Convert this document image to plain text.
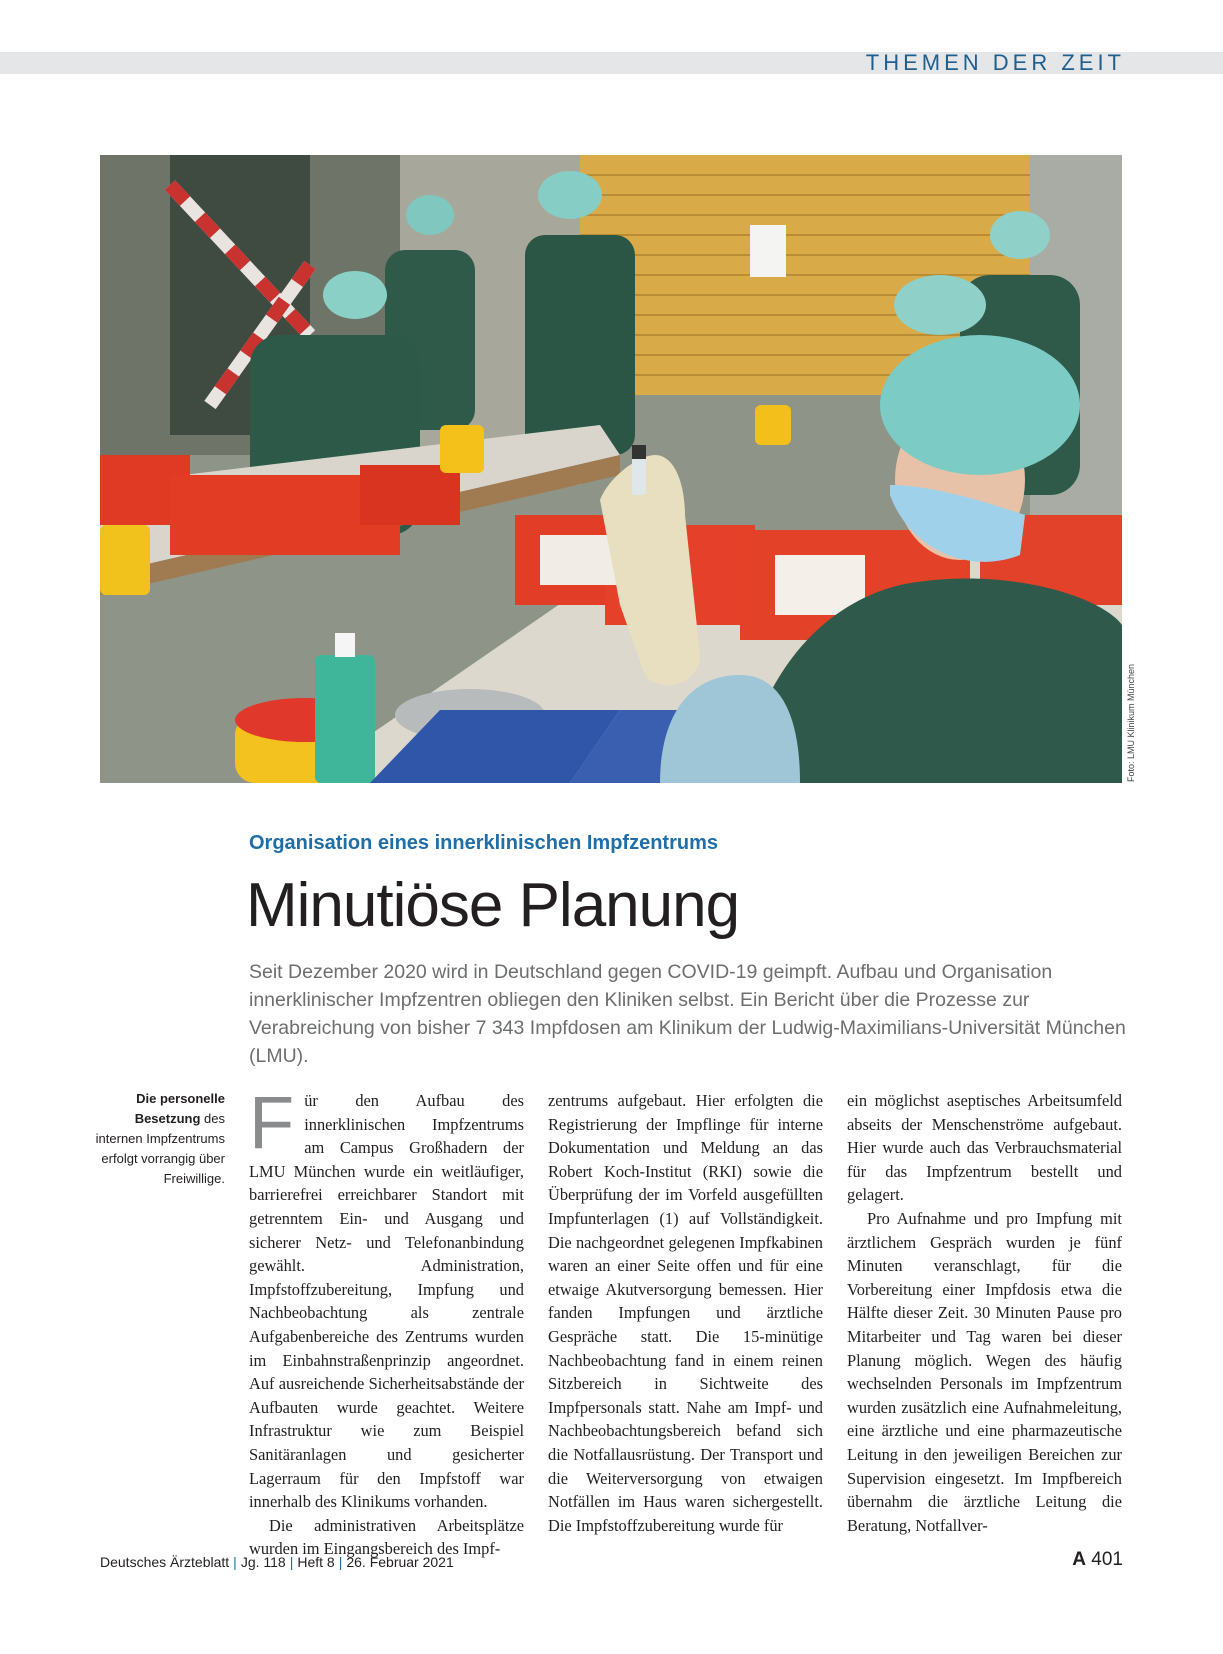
THEMEN DER ZEIT
Foto: LMU Klinikum München
Organisation eines innerklinischen Impfzentrums
Minutiöse Planung
Seit Dezember 2020 wird in Deutschland gegen COVID-19 geimpft. Aufbau und Organisation innerklinischer Impfzentren obliegen den Kliniken selbst. Ein Bericht über die Prozesse zur Verabreichung von bisher 7 343 Impfdosen am Klinikum der Ludwig-Maximilians-Universität München (LMU).
Die personelle Besetzung des internen Impfzentrums erfolgt vorrangig über Freiwillige.

Für den Aufbau des innerklinischen Impfzentrums am Campus Großhadern der LMU München wurde ein weitläufiger, barrierefrei erreichbarer Standort mit getrenntem Ein- und Ausgang und sicherer Netz- und Telefonanbindung gewählt. Administration, Impfstoffzubereitung, Impfung und Nachbeobachtung als zentrale Aufgabenbereiche des Zentrums wurden im Einbahnstraßenprinzip angeordnet. Auf ausreichende Sicherheitsabstände der Aufbauten wurde geachtet. Weitere Infrastruktur wie zum Beispiel Sanitäranlagen und gesicherter Lagerraum für den Impfstoff war innerhalb des Klinikums vorhanden.

Die administrativen Arbeitsplätze wurden im Eingangsbereich des Impf-

zentrums aufgebaut. Hier erfolgten die Registrierung der Impflinge für interne Dokumentation und Meldung an das Robert Koch-Institut (RKI) sowie die Überprüfung der im Vorfeld ausgefüllten Impfunterlagen (1) auf Vollständigkeit. Die nachgeordnet gelegenen Impfkabinen waren an einer Seite offen und für eine etwaige Akutversorgung bemessen. Hier fanden Impfungen und ärztliche Gespräche statt. Die 15-minütige Nachbeobachtung fand in einem reinen Sitzbereich in Sichtweite des Impfpersonals statt. Nahe am Impf- und Nachbeobachtungsbereich befand sich die Notfallausrüstung. Der Transport und die Weiterversorgung von etwaigen Notfällen im Haus waren sichergestellt. Die Impfstoffzubereitung wurde für

ein möglichst aseptisches Arbeitsumfeld abseits der Menschenströme aufgebaut. Hier wurde auch das Verbrauchsmaterial für das Impfzentrum bestellt und gelagert.

Pro Aufnahme und pro Impfung mit ärztlichem Gespräch wurden je fünf Minuten veranschlagt, für die Vorbereitung einer Impfdosis etwa die Hälfte dieser Zeit. 30 Minuten Pause pro Mitarbeiter und Tag waren bei dieser Planung möglich. Wegen des häufig wechselnden Personals im Impfzentrum wurden zusätzlich eine Aufnahmeleitung, eine ärztliche und eine pharmazeutische Leitung in den jeweiligen Bereichen zur Supervision eingesetzt. Im Impfbereich übernahm die ärztliche Leitung die Beratung, Notfallver-

Deutsches Ärzteblatt | Jg. 118 | Heft 8 | 26. Februar 2021	A 401
